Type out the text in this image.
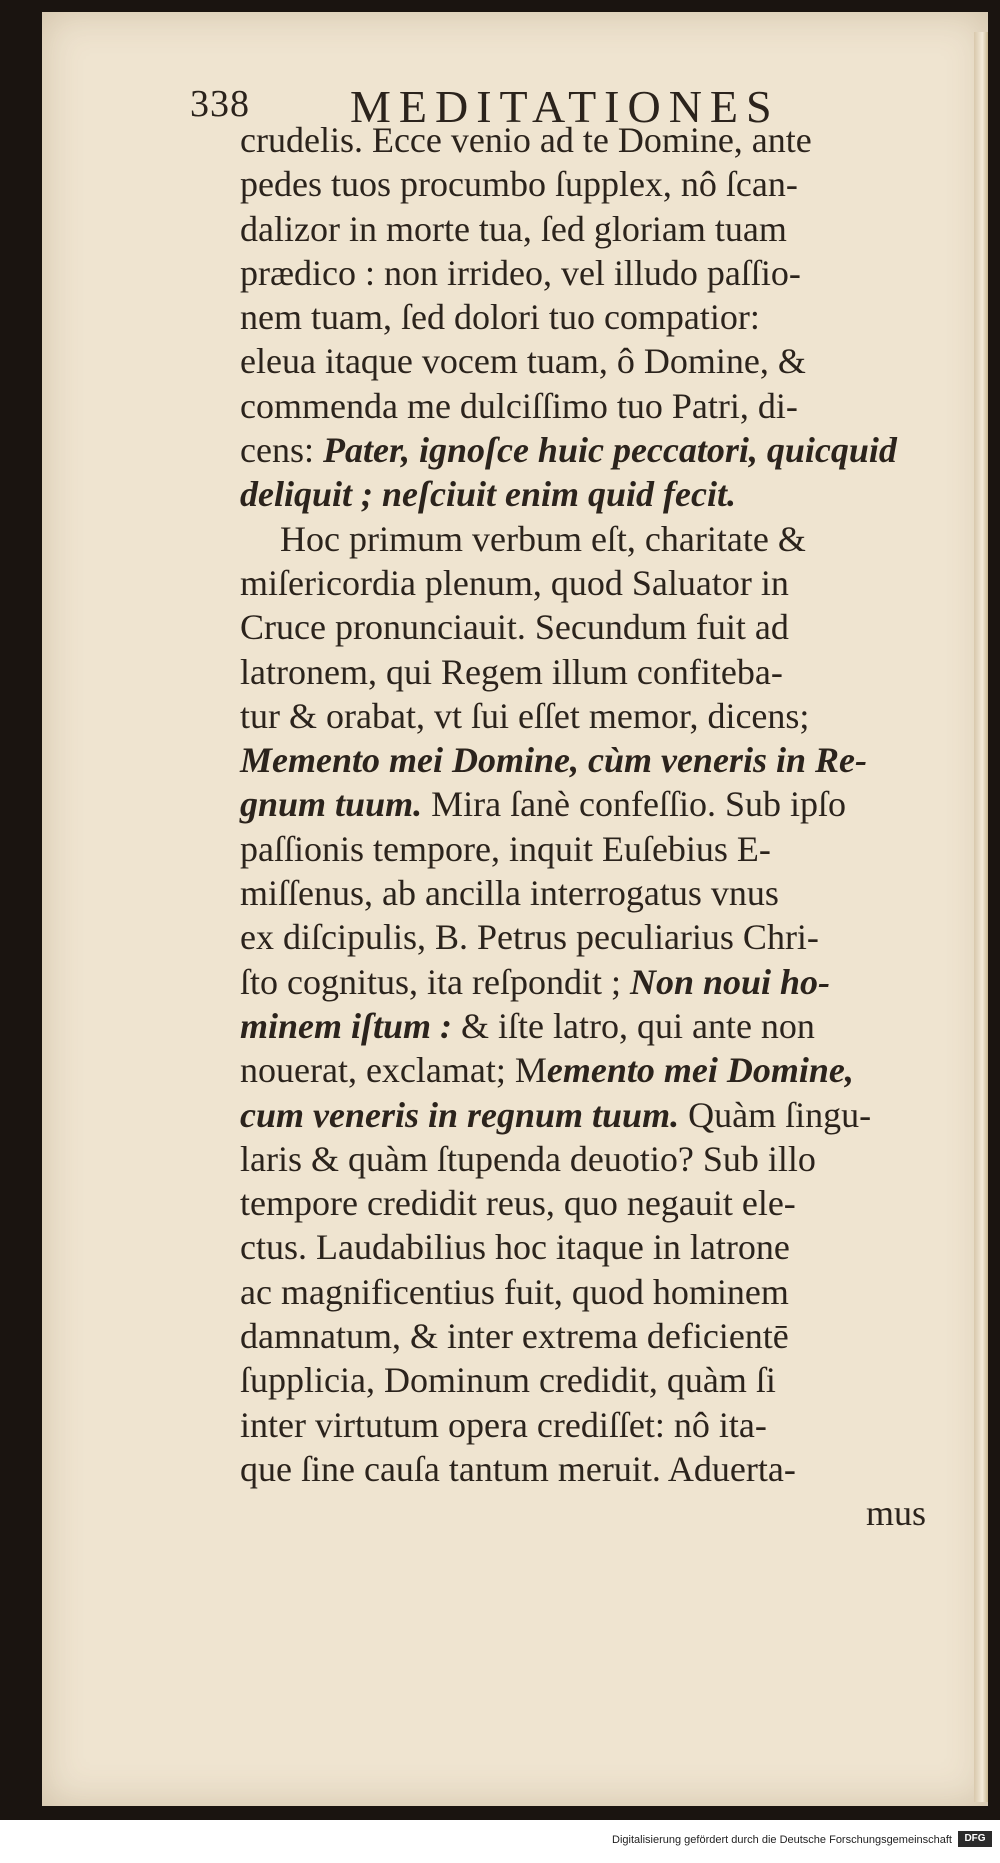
338 MEDITATIONES
crudelis. Ecce venio ad te Domine, ante
pedes tuos procumbo ſupplex, nô ſcan-
dalizor in morte tua, ſed gloriam tuam
prædico : non irrideo, vel illudo paſſio-
nem tuam, ſed dolori tuo compatior:
eleua itaque vocem tuam, ô Domine, &
commenda me dulciſſimo tuo Patri, di-
cens: Pater, ignoſce huic peccatori, quicquid
deliquit ; neſciuit enim quid fecit.
Hoc primum verbum eſt, charitate &
miſericordia plenum, quod Saluator in
Cruce pronunciauit. Secundum fuit ad
latronem, qui Regem illum confiteba-
tur & orabat, vt ſui eſſet memor, dicens;
Memento mei Domine, cùm veneris in Re-
gnum tuum. Mira ſanè confeſſio. Sub ipſo
paſſionis tempore, inquit Euſebius E-
miſſenus, ab ancilla interrogatus vnus
ex diſcipulis, B. Petrus peculiarius Chri-
ſto cognitus, ita reſpondit ; Non noui ho-
minem iſtum : & iſte latro, qui ante non
nouerat, exclamat; Memento mei Domine,
cum veneris in regnum tuum. Quàm ſingu-
laris & quàm ſtupenda deuotio? Sub illo
tempore credidit reus, quo negauit ele-
ctus. Laudabilius hoc itaque in latrone
ac magnificentius fuit, quod hominem
damnatum, & inter extrema deficientē
ſupplicia, Dominum credidit, quàm ſi
inter virtutum opera crediſſet: nô ita-
que ſine cauſa tantum meruit. Aduerta-
mus
Digitalisierung gefördert durch die Deutsche Forschungsgemeinschaft	DFG
